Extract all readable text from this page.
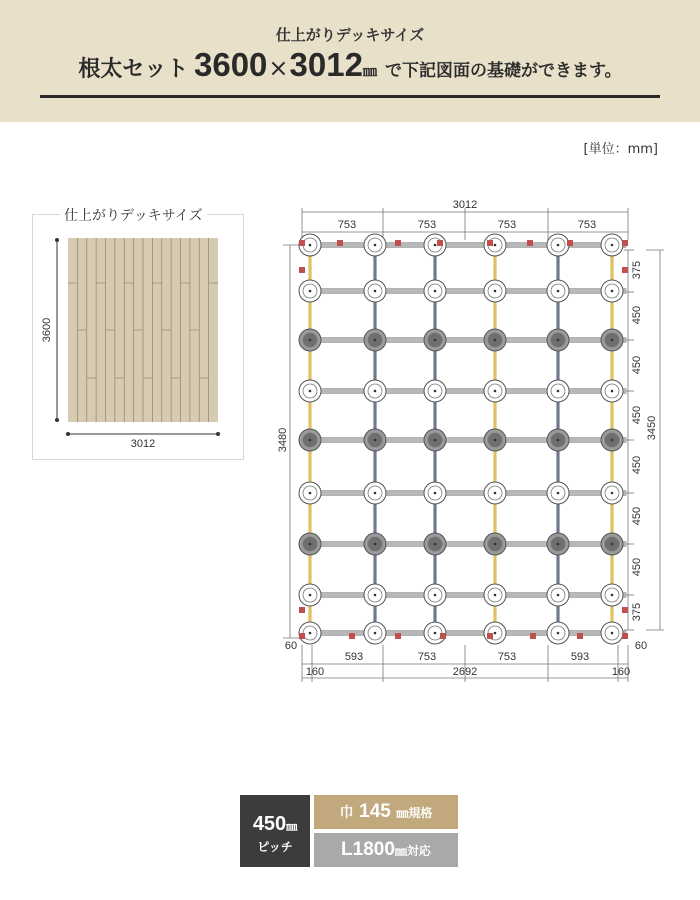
仕上がりデッキサイズ
根太セット 3600×3012㎜ で下記図面の基礎ができます。
[単位：mm]
仕上がりデッキサイズ
3600
3012
3012
753	753	753	753
3480	3450
375
450
450
450
450
450
450
375
60	60
593	753	753	593
160	2692	160
450㎜
ピッチ
巾 145 ㎜規格
L1800㎜対応
